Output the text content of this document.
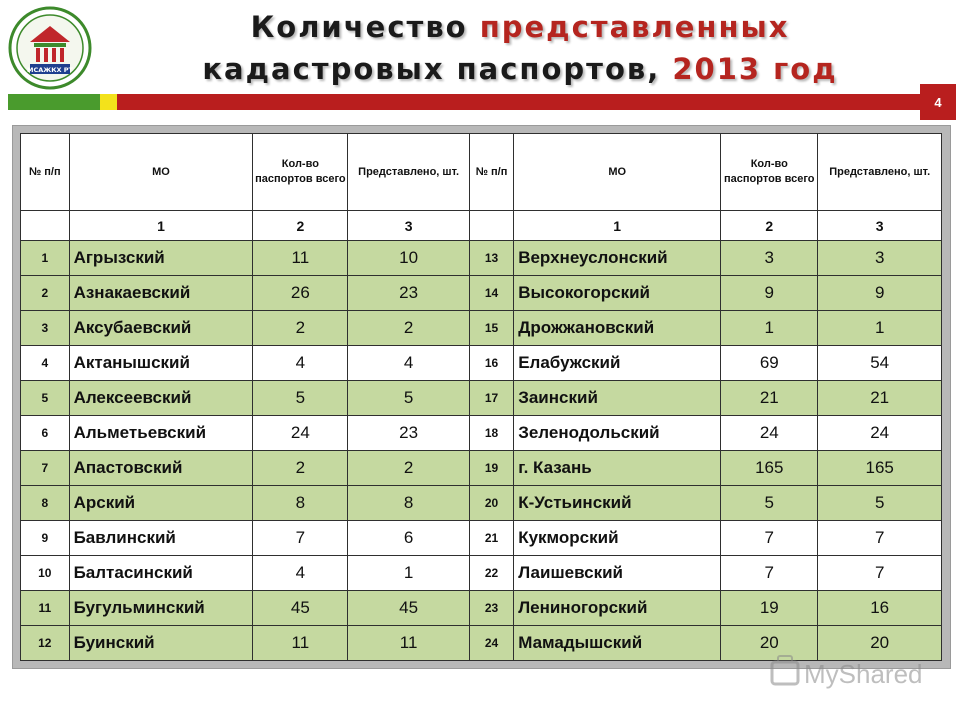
МСАЖКХ РТ
Количество представленных
кадастровых паспортов, 2013 год
4
№ п/п	МО	Кол-во паспортов всего	Представлено, шт.	№ п/п	МО	Кол-во паспортов всего	Представлено, шт.
	1	2	3		1	2	3
1	Агрызский	11	10	13	Верхнеуслонский	3	3
2	Азнакаевский	26	23	14	Высокогорский	9	9
3	Аксубаевский	2	2	15	Дрожжановский	1	1
4	Актанышский	4	4	16	Елабужский	69	54
5	Алексеевский	5	5	17	Заинский	21	21
6	Альметьевский	24	23	18	Зеленодольский	24	24
7	Апастовский	2	2	19	г. Казань	165	165
8	Арский	8	8	20	К-Устьинский	5	5
9	Бавлинский	7	6	21	Кукморский	7	7
10	Балтасинский	4	1	22	Лаишевский	7	7
11	Бугульминский	45	45	23	Лениногорский	19	16
12	Буинский	11	11	24	Мамадышский	20	20
MyShared
